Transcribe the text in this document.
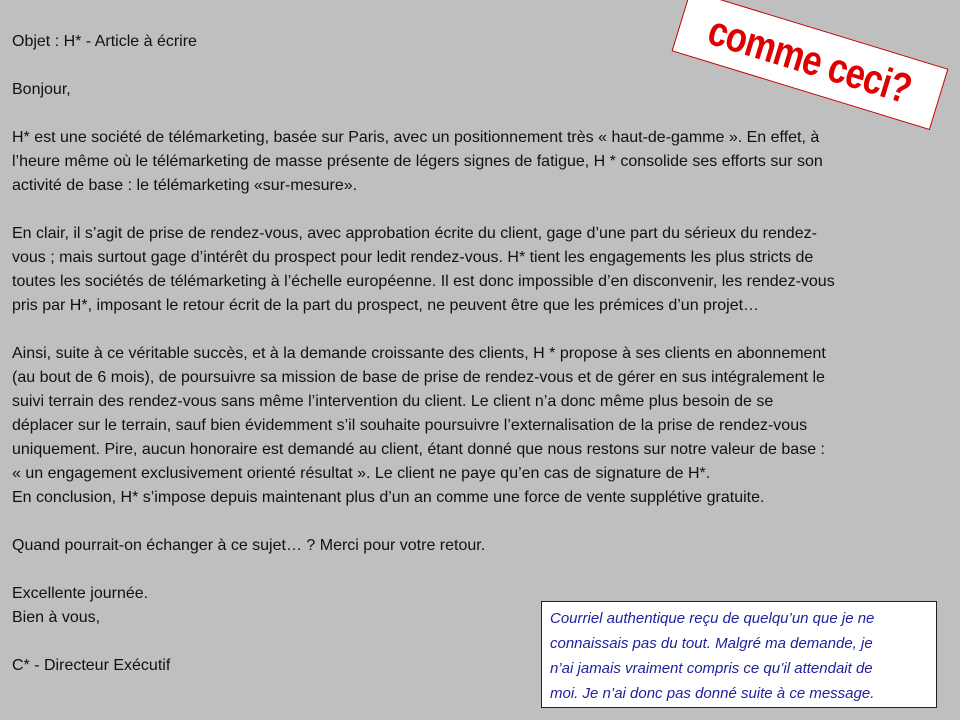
Objet : H* - Article à écrire
Bonjour,
H* est une société de télémarketing, basée sur Paris, avec un positionnement très « haut-de-gamme ». En effet, à
l’heure même où le télémarketing de masse présente de légers signes de fatigue, H * consolide ses efforts sur son
activité de base : le télémarketing «sur-mesure».
En clair, il s’agit de prise de rendez-vous, avec approbation écrite du client, gage d’une part du sérieux du rendez-
vous ; mais surtout gage d’intérêt du prospect pour ledit rendez-vous. H* tient les engagements les plus stricts de
toutes les sociétés de télémarketing à l’échelle européenne. Il est donc impossible d’en disconvenir, les rendez-vous
pris par H*, imposant le retour écrit de la part du prospect, ne peuvent être que les prémices d’un projet…
Ainsi, suite à ce véritable succès, et à la demande croissante des clients, H * propose à ses clients en abonnement
(au bout de 6 mois), de poursuivre sa mission de base de prise de rendez-vous et de gérer en sus intégralement le
suivi terrain des rendez-vous sans même l’intervention du client. Le client n’a donc même plus besoin de se
déplacer sur le terrain, sauf bien évidemment s’il souhaite poursuivre l’externalisation de la prise de rendez-vous
uniquement. Pire, aucun honoraire est demandé au client, étant donné que nous restons sur notre valeur de base :
« un engagement exclusivement orienté résultat ». Le client ne paye qu’en cas de signature de H*.
En conclusion, H* s’impose depuis maintenant plus d’un an comme une force de vente supplétive gratuite.
Quand pourrait-on échanger à ce sujet… ? Merci pour votre retour.
Excellente journée.
Bien à vous,
C* - Directeur Exécutif
comme ceci?
Courriel authentique reçu de quelqu’un que je ne
connaissais pas du tout. Malgré ma demande, je
n’ai jamais vraiment compris ce qu’il attendait de
moi. Je n’ai donc pas donné suite à ce message.
